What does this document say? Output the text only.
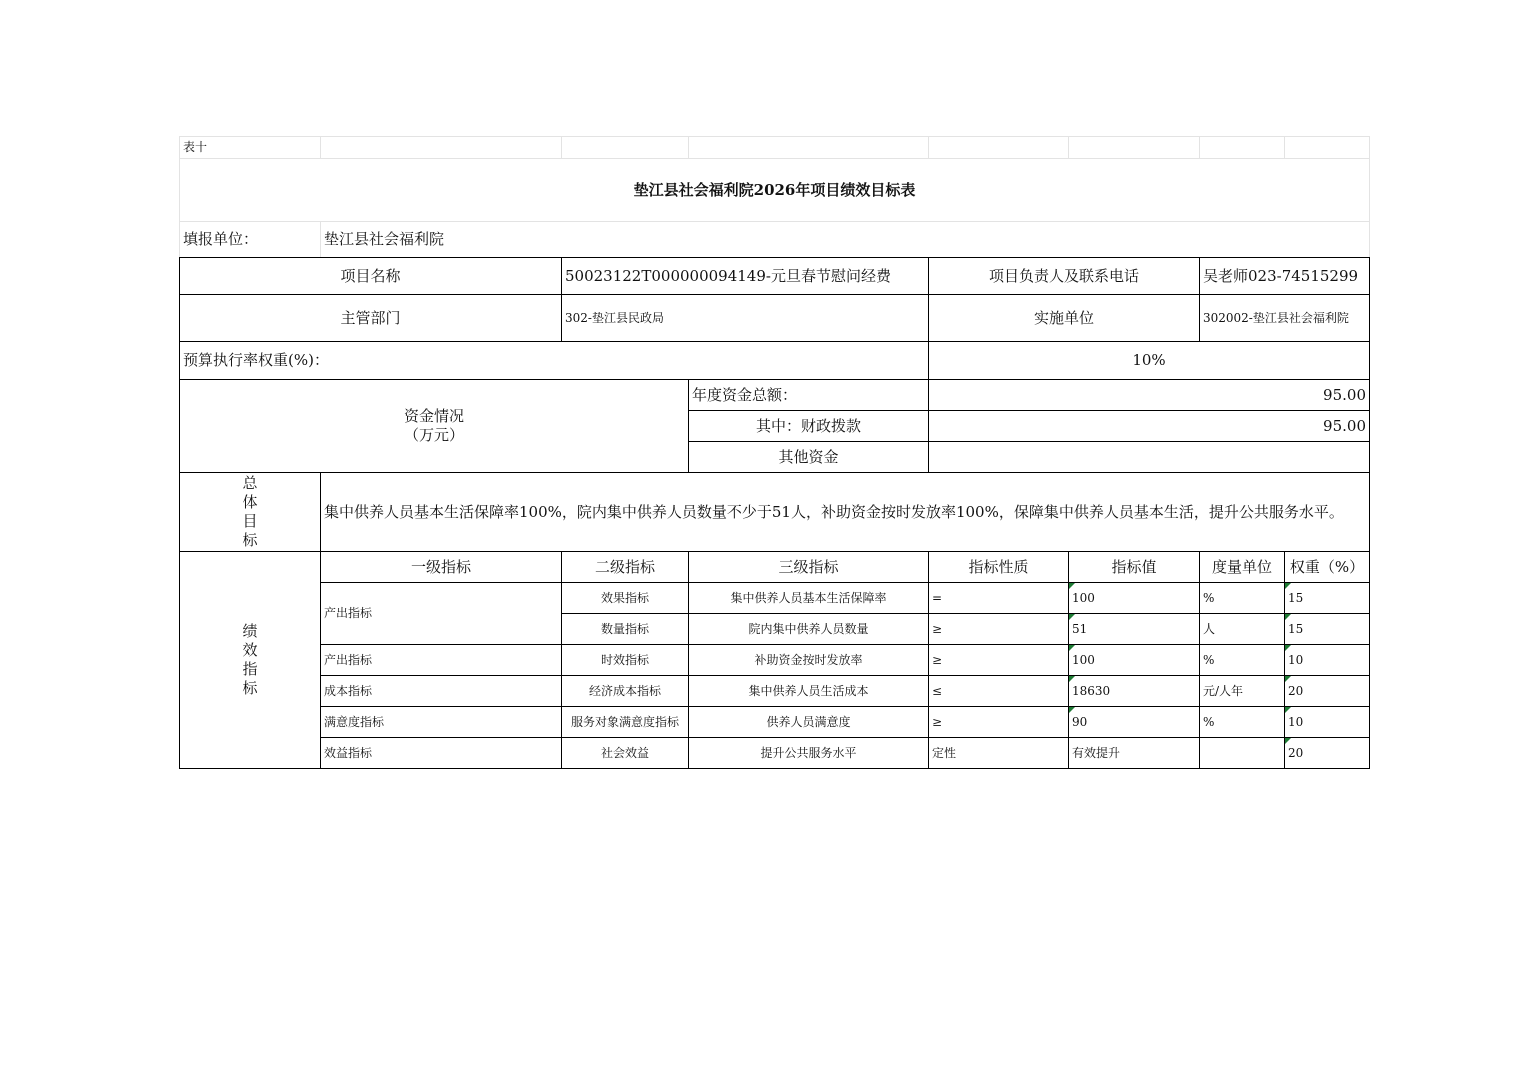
表十							
垫江县社会福利院2026年项目绩效目标表							
填报单位：	垫江县社会福利院						
项目名称		50023122T000000094149-元旦春节慰问经费		项目负责人及联系电话		吴老师023-74515299	
主管部门		302-垫江县民政局		实施单位		302002-垫江县社会福利院	
预算执行率权重(%)：				10%			

资金情况
（万元）			年度资金总额：	95.00			
			其中：财政拨款	95.00			
			其他资金				
总体目标	集中供养人员基本生活保障率100%，院内集中供养人员数量不少于51人，补助资金按时发放率100%，保障集中供养人员基本生活，提升公共服务水平。						
绩效指标	一级指标	二级指标	三级指标	指标性质	指标值	度量单位	权重（%）
	产出指标	效果指标	集中供养人员基本生活保障率	=	100	%	15
		数量指标	院内集中供养人员数量	≥	51	人	15
	产出指标	时效指标	补助资金按时发放率	≥	100	%	10
	成本指标	经济成本指标	集中供养人员生活成本	≤	18630	元/人年	20
	满意度指标	服务对象满意度指标	供养人员满意度	≥	90	%	10
	效益指标	社会效益	提升公共服务水平	定性	有效提升		20
